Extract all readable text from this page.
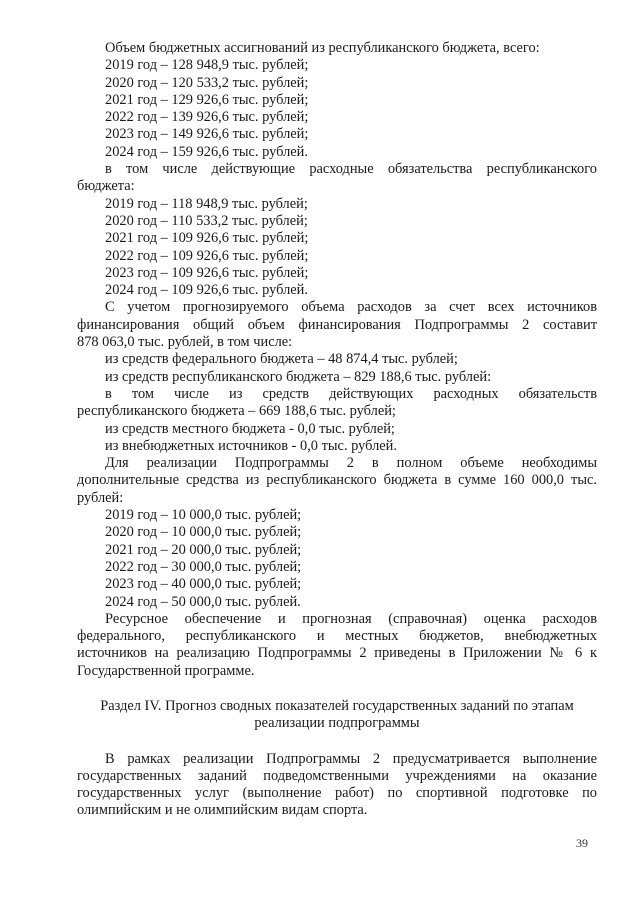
Объем бюджетных ассигнований из республиканского бюджета, всего:
2019 год – 128 948,9 тыс. рублей;
2020 год – 120 533,2 тыс. рублей;
2021 год – 129 926,6 тыс. рублей;
2022 год – 139 926,6 тыс. рублей;
2023 год – 149 926,6 тыс. рублей;
2024 год – 159 926,6 тыс. рублей.
в том числе действующие расходные обязательства республиканского
бюджета:
2019 год – 118 948,9 тыс. рублей;
2020 год – 110 533,2 тыс. рублей;
2021 год – 109 926,6 тыс. рублей;
2022 год – 109 926,6 тыс. рублей;
2023 год – 109 926,6 тыс. рублей;
2024 год – 109 926,6 тыс. рублей.
С учетом прогнозируемого объема расходов за счет всех источников
финансирования общий объем финансирования Подпрограммы 2 составит
878 063,0 тыс. рублей, в том числе:
из средств федерального бюджета – 48 874,4 тыс. рублей;
из средств республиканского бюджета – 829 188,6 тыс. рублей:
в том числе из средств действующих расходных обязательств
республиканского бюджета – 669 188,6 тыс. рублей;
из средств местного бюджета - 0,0 тыс. рублей;
из внебюджетных источников - 0,0 тыс. рублей.
Для реализации Подпрограммы 2 в полном объеме необходимы
дополнительные средства из республиканского бюджета в сумме 160 000,0 тыс.
рублей:
2019 год – 10 000,0 тыс. рублей;
2020 год – 10 000,0 тыс. рублей;
2021 год – 20 000,0 тыс. рублей;
2022 год – 30 000,0 тыс. рублей;
2023 год – 40 000,0 тыс. рублей;
2024 год – 50 000,0 тыс. рублей.
Ресурсное обеспечение и прогнозная (справочная) оценка расходов
федерального, республиканского и местных бюджетов, внебюджетных
источников на реализацию Подпрограммы 2 приведены в Приложении № 6 к
Государственной программе.
Раздел IV. Прогноз сводных показателей государственных заданий по этапам
реализации подпрограммы
В рамках реализации Подпрограммы 2 предусматривается выполнение
государственных заданий подведомственными учреждениями на оказание
государственных услуг (выполнение работ) по спортивной подготовке по
олимпийским и не олимпийским видам спорта.
39
